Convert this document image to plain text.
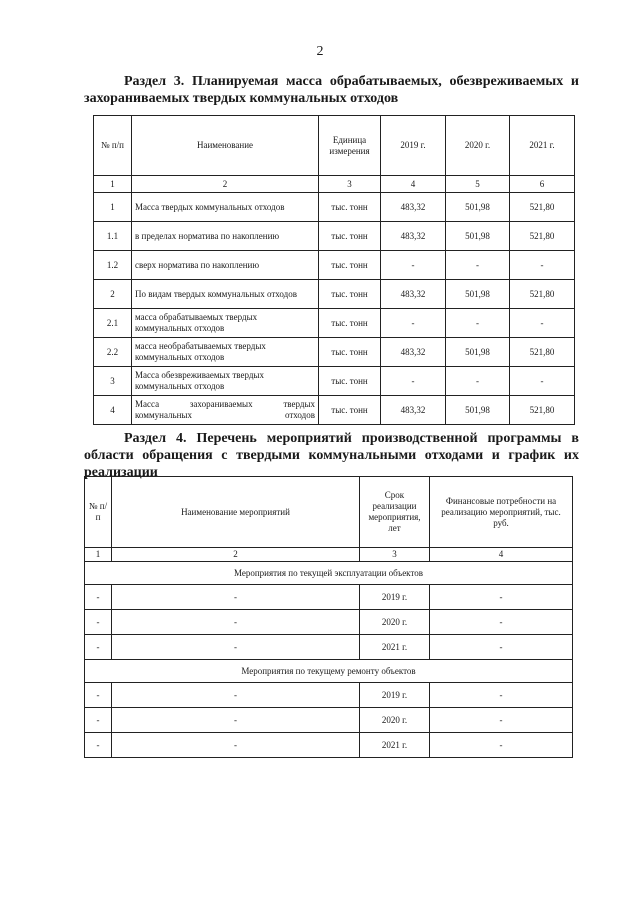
2
Раздел 3. Планируемая масса обрабатываемых, обезвреживаемых и захораниваемых твердых коммунальных отходов
№ п/п	Наименование	Единица измерения	2019 г.	2020 г.	2021 г.
1	2	3	4	5	6
1	Масса твердых коммунальных отходов	тыс. тонн	483,32	501,98	521,80
1.1	в пределах норматива по накоплению	тыс. тонн	483,32	501,98	521,80
1.2	сверх норматива по накоплению	тыс. тонн	-	-	-
2	По видам твердых коммунальных отходов	тыс. тонн	483,32	501,98	521,80
2.1	масса обрабатываемых твердых коммунальных отходов	тыс. тонн	-	-	-
2.2	масса необрабатываемых твердых коммунальных отходов	тыс. тонн	483,32	501,98	521,80
3	Масса обезвреживаемых твердых коммунальных отходов	тыс. тонн	-	-	-
4	Масса захораниваемых твердых коммунальных отходов	тыс. тонн	483,32	501,98	521,80
Раздел 4. Перечень мероприятий производственной программы в области обращения с твердыми коммунальными отходами и график их реализации
№ п/п	Наименование мероприятий	Срок реализации мероприятия, лет	Финансовые потребности на реализацию мероприятий, тыс. руб.
1	2	3	4
Мероприятия по текущей эксплуатации объектов			
-	-	2019 г.	-
-	-	2020 г.	-
-	-	2021 г.	-
Мероприятия по текущему ремонту объектов			
-	-	2019 г.	-
-	-	2020 г.	-
-	-	2021 г.	-
